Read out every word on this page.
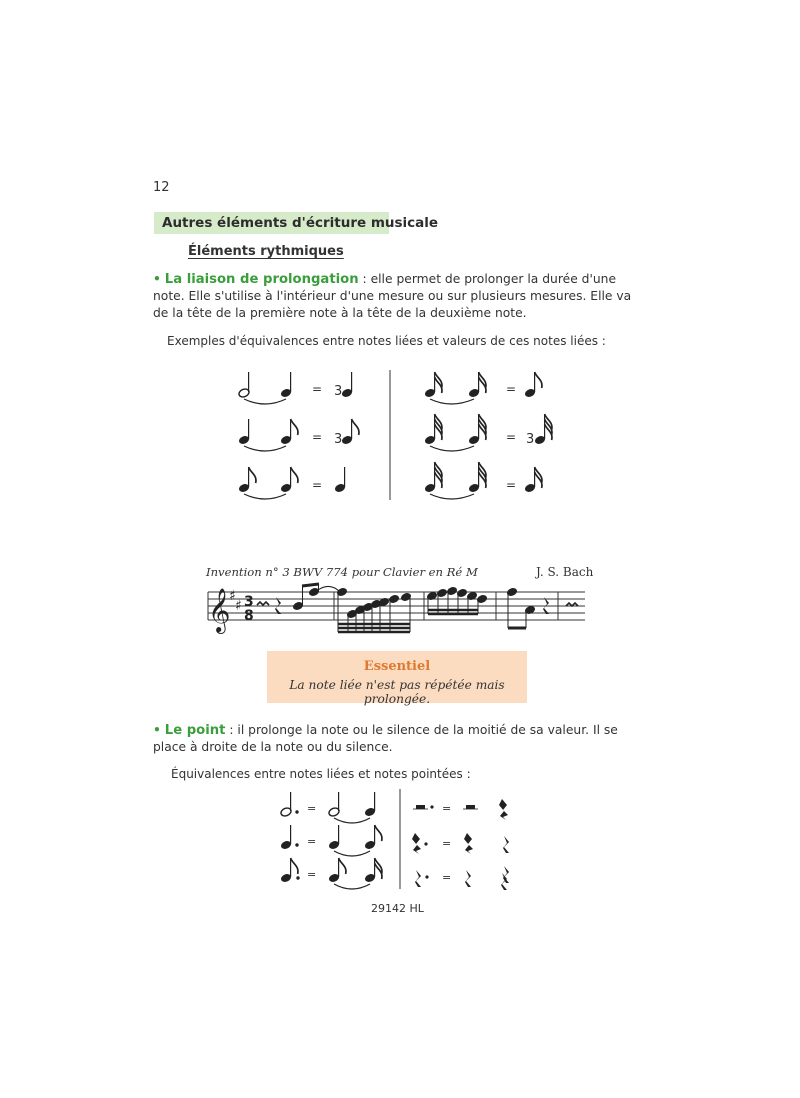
12
Autres éléments d'écriture musicale
Éléments rythmiques
• La liaison de prolongation : elle permet de prolonger la durée d'une note. Elle s'utilise à l'intérieur d'une mesure ou sur plusieurs mesures. Elle va de la tête de la première note à la tête de la deuxième note.
Exemples d'équivalences entre notes liées et valeurs de ces notes liées :
= 3
= 3
=
=
= 3
=
Invention n° 3 BWV 774 pour Clavier en Ré M	J. S. Bach
𝄞
♯
♯ 3
8
♯
Essentiel
La note liée n'est pas répétée mais prolongée.
• Le point : il prolonge la note ou le silence de la moitié de sa valeur. Il se place à droite de la note ou du silence.
Équivalences entre notes liées et notes pointées :
=
=
=
=
=
=
29142 HL
